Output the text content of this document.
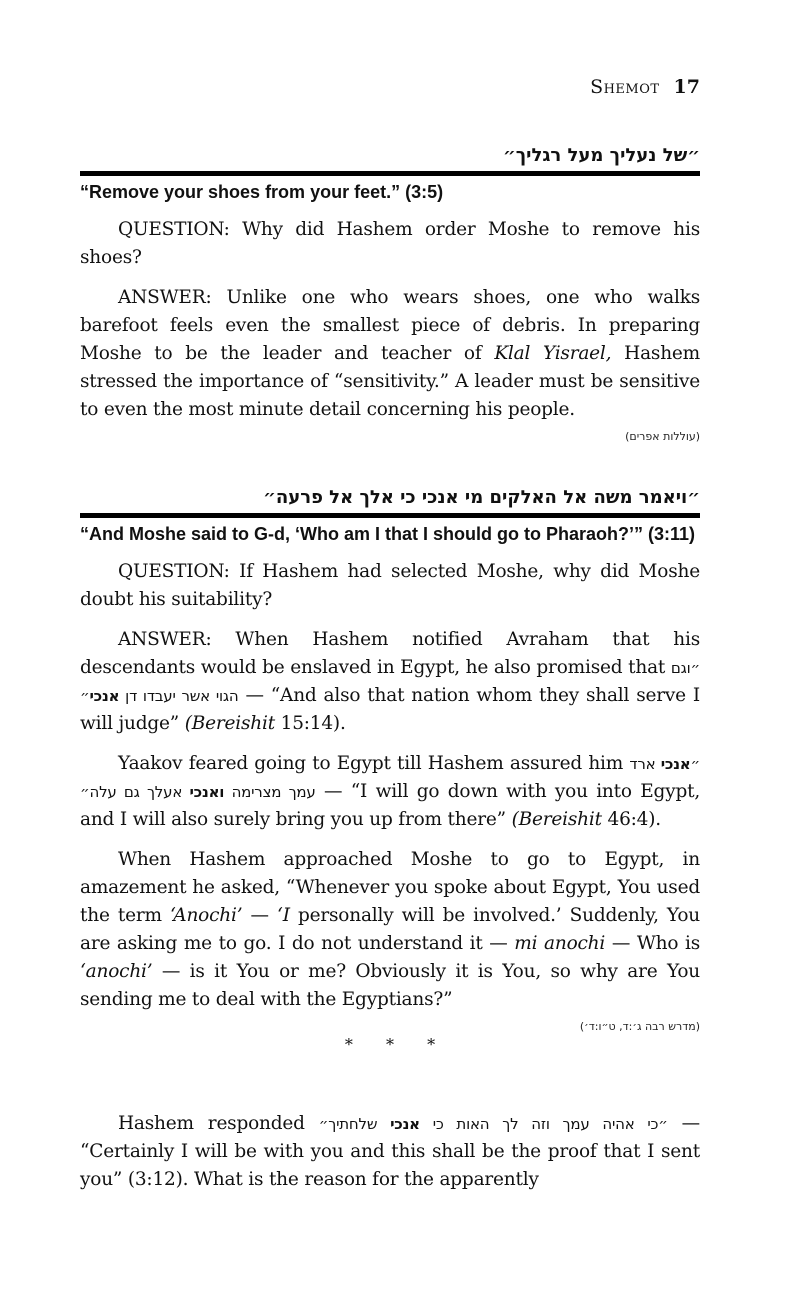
Shemot 17
״של נעליך מעל רגליך״
“Remove your shoes from your feet.” (3:5)

QUESTION: Why did Hashem order Moshe to remove his shoes?

ANSWER: Unlike one who wears shoes, one who walks barefoot feels even the smallest piece of debris. In preparing Moshe to be the leader and teacher of Klal Yisrael, Hashem stressed the importance of “sensitivity.” A leader must be sensitive to even the most minute detail concerning his people.

(עוללות אפרים)
״ויאמר משה אל האלקים מי אנכי כי אלך אל פרעה״
“And Moshe said to G-d, ‘Who am I that I should go to Pharaoh?’” (3:11)

QUESTION: If Hashem had selected Moshe, why did Moshe doubt his suitability?

ANSWER: When Hashem notified Avraham that his descendants would be enslaved in Egypt, he also promised that ״וגם הגוי אשר יעבדו דן אנכי״	— “And also that nation whom they shall serve I will judge” (Bereishit 15:14).

Yaakov feared going to Egypt till Hashem assured him	״אנכי ארד עמך מצרימה ואנכי אעלך גם עלה״	— “I will go down with you into Egypt, and I will also surely bring you up from there” (Bereishit 46:4).

When Hashem approached Moshe to go to Egypt, in amazement he asked, “Whenever you spoke about Egypt, You used the term ‘Anochi’ — ‘I personally will be involved.’ Suddenly, You are asking me to go. I do not understand it — mi anochi — Who is ‘anochi’ — is it You or me? Obviously it is You, so why are You sending me to deal with the Egyptians?”

(מדרש רבה ג׳:ד, ט״ו:ד׳)
* * *

Hashem responded	״כי אהיה עמך וזה לך האות כי אנכי שלחתיך״	— “Certainly I will be with you and this shall be the proof that I sent you” (3:12). What is the reason for the apparently
